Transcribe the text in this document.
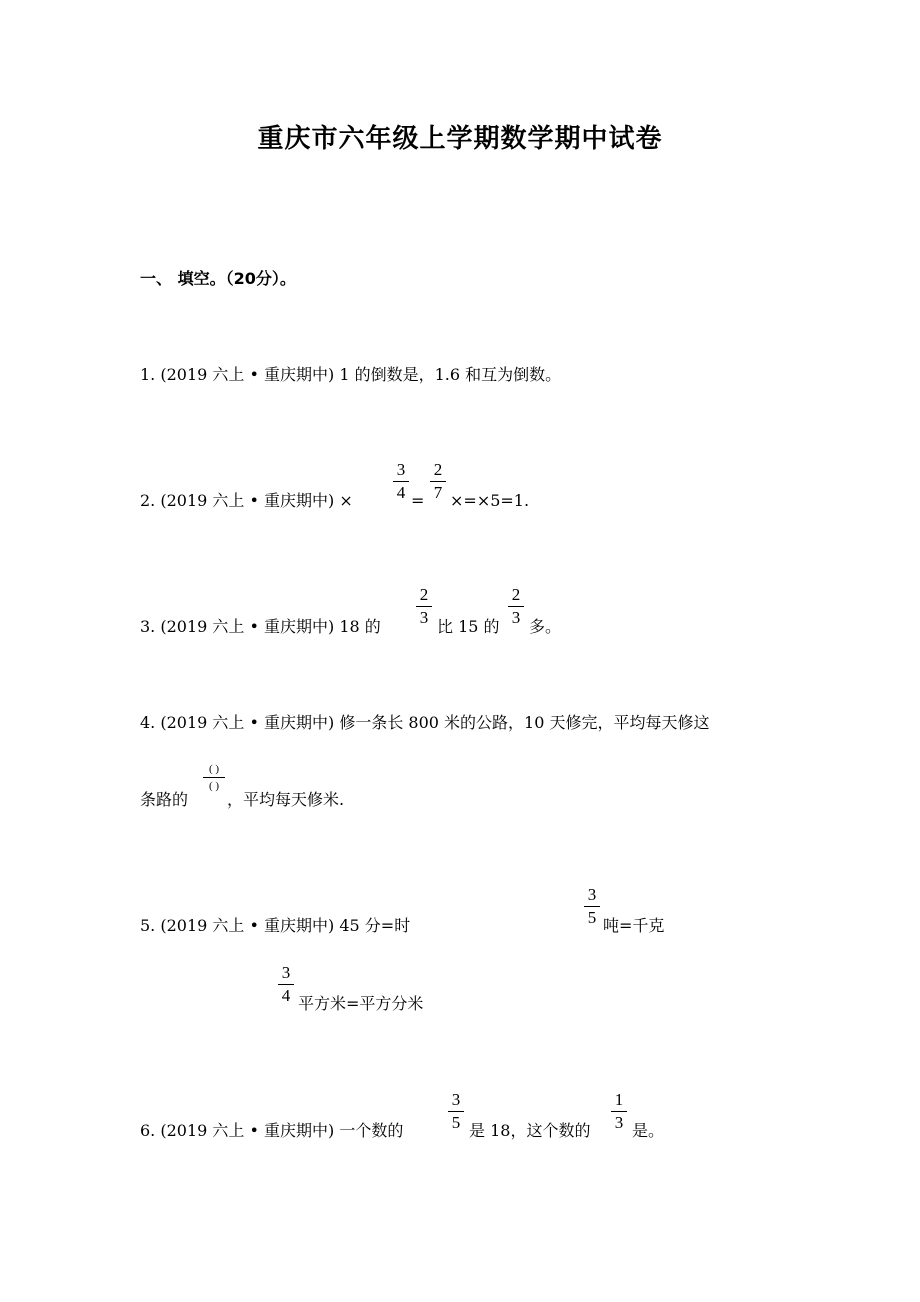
重庆市六年级上学期数学期中试卷
一、 填空。（20分）。
1. (2019 六上 • 重庆期中) 1 的倒数是，1.6 和互为倒数。
2. (2019 六上 • 重庆期中) × $\frac{3}{4} = \frac{2}{7} \times=\times 5=1$.
3. (2019 六上 • 重庆期中) 18 的 $\frac{2}{3}$ 比 15 的 $\frac{2}{3}$ 多。
4. (2019 六上 • 重庆期中) 修一条长 800 米的公路，10 天修完，平均每天修这
条路的
( )
( )
，平均每天修米.
5. (2019 六上 • 重庆期中) 45 分=时	$\frac{3}{5}$ 吨=千克
$\frac{3}{4}$ 平方米=平方分米
6. (2019 六上 • 重庆期中) 一个数的	$\frac{3}{5}$ 是 18，这个数的 $\frac{1}{3}$ 是。
